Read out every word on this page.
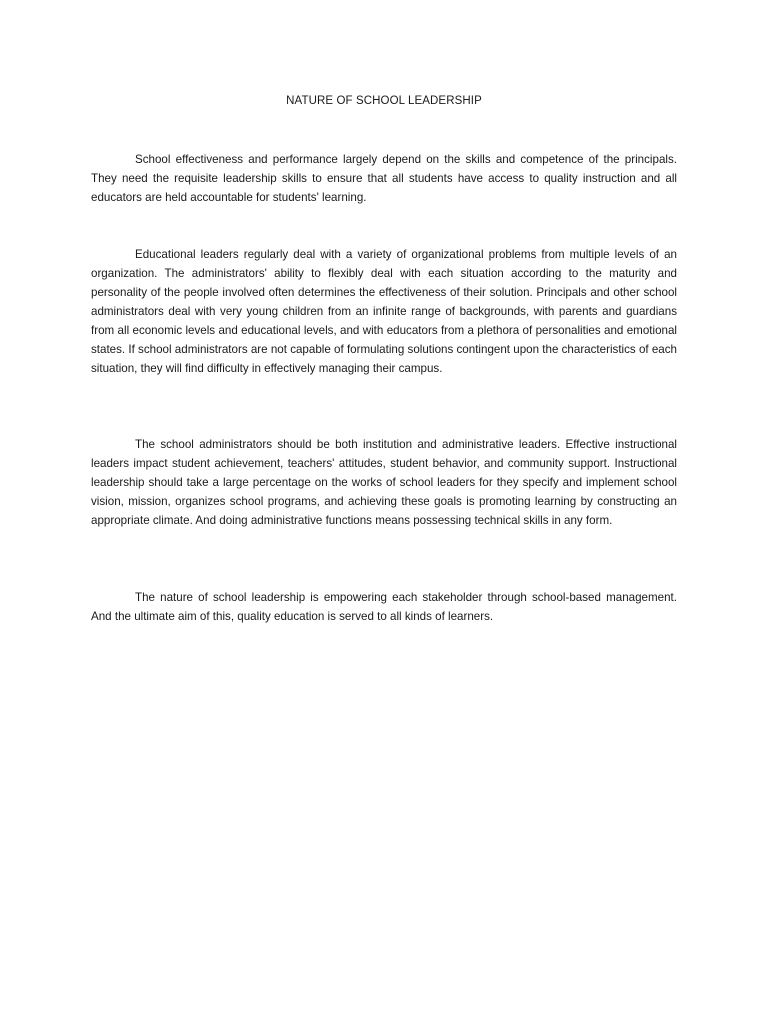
NATURE OF SCHOOL LEADERSHIP

School effectiveness and performance largely depend on the skills and competence of the principals. They need the requisite leadership skills to ensure that all students have access to quality instruction and all educators are held accountable for students' learning.

Educational leaders regularly deal with a variety of organizational problems from multiple levels of an organization. The administrators' ability to flexibly deal with each situation according to the maturity and personality of the people involved often determines the effectiveness of their solution. Principals and other school administrators deal with very young children from an infinite range of backgrounds, with parents and guardians from all economic levels and educational levels, and with educators from a plethora of personalities and emotional states. If school administrators are not capable of formulating solutions contingent upon the characteristics of each situation, they will find difficulty in effectively managing their campus.

The school administrators should be both institution and administrative leaders. Effective instructional leaders impact student achievement, teachers' attitudes, student behavior, and community support. Instructional leadership should take a large percentage on the works of school leaders for they specify and implement school vision, mission, organizes school programs, and achieving these goals is promoting learning by constructing an appropriate climate. And doing administrative functions means possessing technical skills in any form.

The nature of school leadership is empowering each stakeholder through school-based management. And the ultimate aim of this, quality education is served to all kinds of learners.
